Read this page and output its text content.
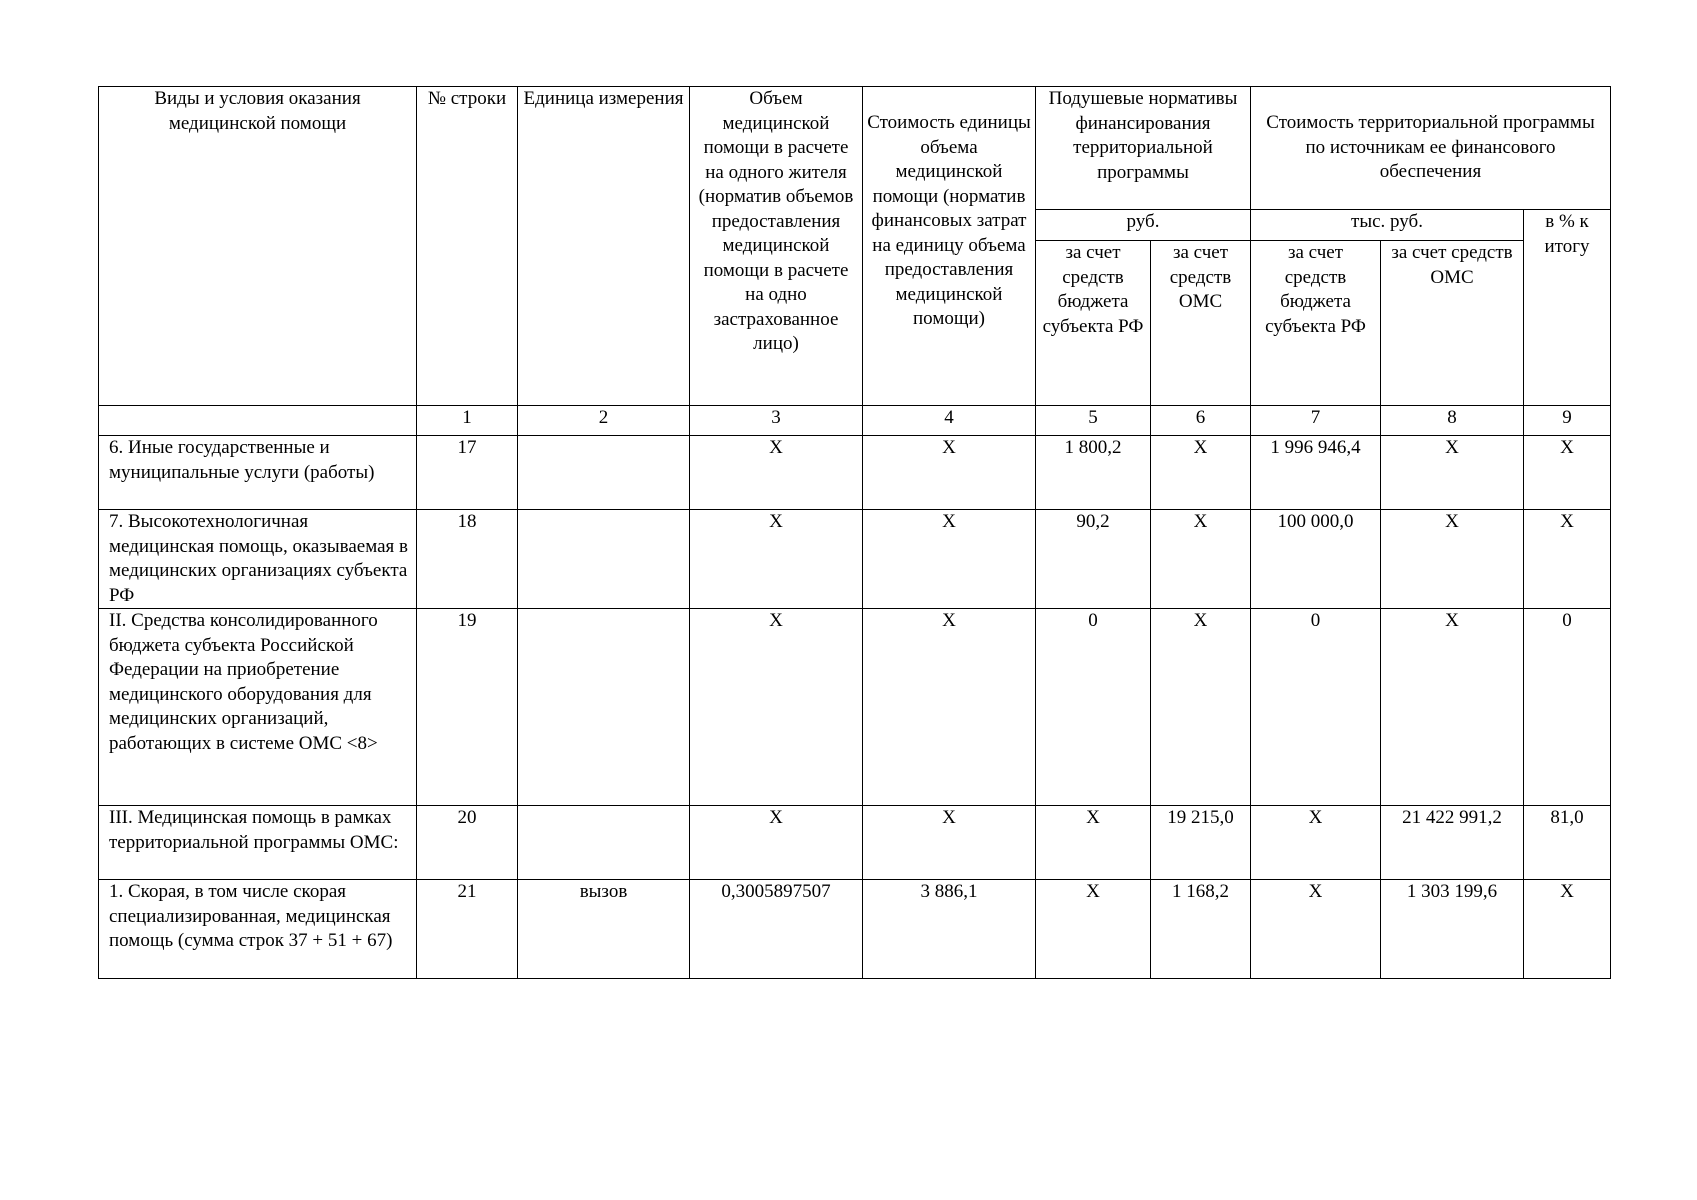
Виды и условия оказания медицинской помощи	№ строки	Единица измерения	Объем медицинской помощи в расчете на одного жителя (норматив объемов предоставления медицинской помощи в расчете на одно застрахованное лицо)	Стоимость единицы объема медицинской помощи (норматив финансовых затрат на единицу объема предоставления медицинской помощи)	Подушевые нормативы финансирования территориальной программы		Стоимость территориальной программы по источникам ее финансового обеспечения		
					руб.		тыс. руб.		в % к итогу
					за счет средств бюджета субъекта РФ	за счет средств ОМС	за счет средств бюджета субъекта РФ	за счет средств ОМС	
	1	2	3	4	5	6	7	8	9
6. Иные государственные и муниципальные услуги (работы)	17		X	X	1 800,2	X	1 996 946,4	X	X
7. Высокотехнологичная медицинская помощь, оказываемая в медицинских организациях субъекта РФ	18		X	X	90,2	X	100 000,0	X	X
II. Средства консолидированного бюджета субъекта Российской Федерации на приобретение медицинского оборудования для медицинских организаций, работающих в системе ОМС <8>	19		X	X	0	X	0	X	0
III. Медицинская помощь в рамках территориальной программы ОМС:	20		X	X	X	19 215,0	X	21 422 991,2	81,0
1. Скорая, в том числе скорая специализированная, медицинская помощь (сумма строк 37 + 51 + 67)	21	вызов	0,3005897507	3 886,1	X	1 168,2	X	1 303 199,6	X
